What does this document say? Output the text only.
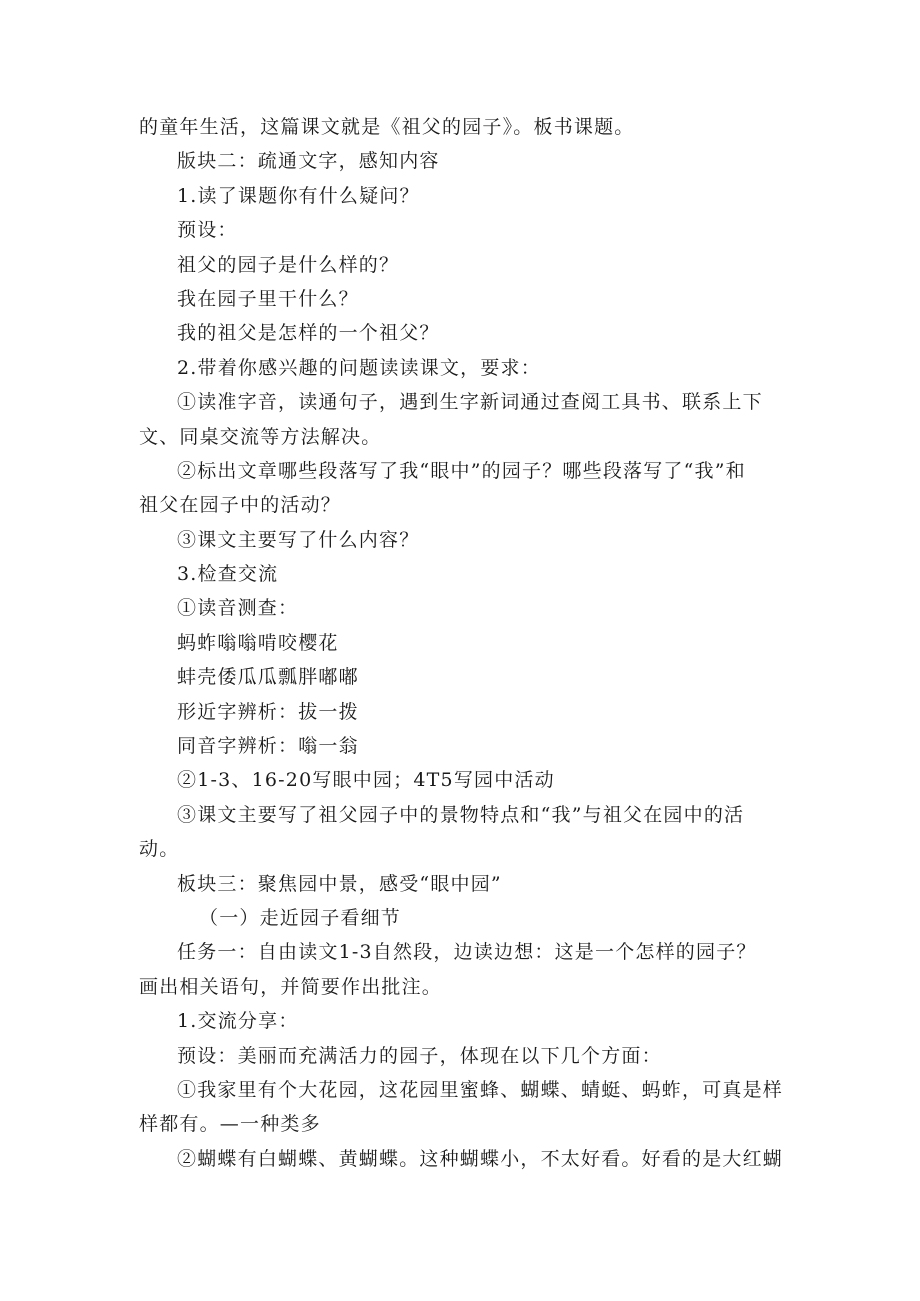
的童年生活，这篇课文就是《祖父的园子》。板书课题。
版块二：疏通文字，感知内容
1.读了课题你有什么疑问？
预设：
祖父的园子是什么样的？
我在园子里干什么？
我的祖父是怎样的一个祖父？
2.带着你感兴趣的问题读读课文，要求：
①读准字音，读通句子，遇到生字新词通过查阅工具书、联系上下
文、同桌交流等方法解决。
②标出文章哪些段落写了我“眼中”的园子？哪些段落写了“我”和
祖父在园子中的活动？
③课文主要写了什么内容？
3.检查交流
①读音测查：
蚂蚱嗡嗡啃咬樱花
蚌壳倭瓜瓜瓢胖嘟嘟
形近字辨析：拔一拨
同音字辨析：嗡一翁
②1-3、16-20写眼中园；4T5写园中活动
③课文主要写了祖父园子中的景物特点和“我”与祖父在园中的活
动。
板块三：聚焦园中景，感受“眼中园”
（一）走近园子看细节
任务一：自由读文1-3自然段，边读边想：这是一个怎样的园子？
画出相关语句，并简要作出批注。
1.交流分享：
预设：美丽而充满活力的园子，体现在以下几个方面：
①我家里有个大花园，这花园里蜜蜂、蝴蝶、蜻蜓、蚂蚱，可真是样
样都有。—一种类多
②蝴蝶有白蝴蝶、黄蝴蝶。这种蝴蝶小，不太好看。好看的是大红蝴
